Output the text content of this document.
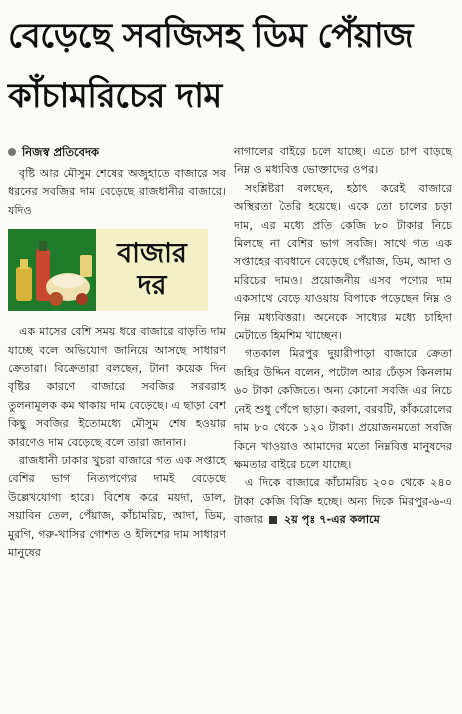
বেড়েছে সবজিসহ ডিম পেঁয়াজ
কাঁচামরিচের দাম
নিজস্ব প্রতিবেদক

বৃষ্টি আর মৌসুম শেষের অজুহাতে বাজারে সব ধরনের সবজির দাম বেড়েছে রাজধানীর বাজারে। যদিও

বাজার
দর

এক মাসের বেশি সময় ধরে বাজারে বাড়তি দাম যাচ্ছে বলে অভিযোগ জানিয়ে আসছে সাধারণ ক্রেতারা। বিক্রেতারা বলছেন, টানা কয়েক দিন বৃষ্টির কারণে বাজারে সবজির সরবরাহ তুলনামূলক কম থাকায় দাম বেড়েছে। এ ছাড়া বেশ কিছু সবজির ইতোমধ্যে মৌসুম শেষ হওয়ার কারণেও দাম বেড়েছে বলে তারা জানান।

রাজধানী ঢাকার খুচরা বাজারে গত এক সপ্তাহে বেশির ভাগ নিত্যপণ্যের দামই বেড়েছে উল্লেখযোগ্য হারে। বিশেষ করে ময়দা, ডাল, সয়াবিন তেল, পেঁয়াজ, কাঁচামরিচ, আদা, ডিম, মুরগি, গরু-খাসির গোশত ও ইলিশের দাম সাধারণ মানুষের

নাগালের বাইরে চলে যাচ্ছে। এতে চাপ বাড়ছে নিম্ন ও মধ্যবিত্ত ভোক্তাদের ওপর।

সংশ্লিষ্টরা বলছেন, হঠাৎ করেই বাজারে অস্থিরতা তৈরি হয়েছে। একে তো চালের চড়া দাম, এর মধ্যে প্রতি কেজি ৮০ টাকার নিচে মিলছে না বেশির ভাগ সবজি। সাথে গত এক সপ্তাহের ব্যবধানে বেড়েছে পেঁয়াজ, ডিম, আদা ও মরিচের দামও। প্রয়োজনীয় এসব পণ্যের দাম একসাথে বেড়ে যাওয়ায় বিপাকে পড়েছেন নিম্ন ও নিম্ন মধ্যবিত্তরা। অনেকে সাধ্যের মধ্যে চাহিদা মেটাতে হিমশিম খাচ্ছেন।

গতকাল মিরপুর দুয়ারীপাড়া বাজারে ক্রেতা জহির উদ্দিন বলেন, পটোল আর ঢেঁড়স কিনলাম ৬০ টাকা কেজিতে। অন্য কোনো সবজি এর নিচে নেই শুধু পেঁপে ছাড়া। করলা, বরবটি, কাঁকরোলের দাম ৮০ থেকে ১২০ টাকা। প্রয়োজনমতো সবজি কিনে খাওয়াও আমাদের মতো নিম্নবিত্ত মানুষদের ক্ষমতার বাইরে চলে যাচ্ছে।

এ দিকে বাজারে কাঁচামরিচ ২০০ থেকে ২৪০ টাকা কেজি বিক্রি হচ্ছে। অন্য দিকে মিরপুর-৬-এ বাজার ২য় পৃঃ ৭-এর কলামে
